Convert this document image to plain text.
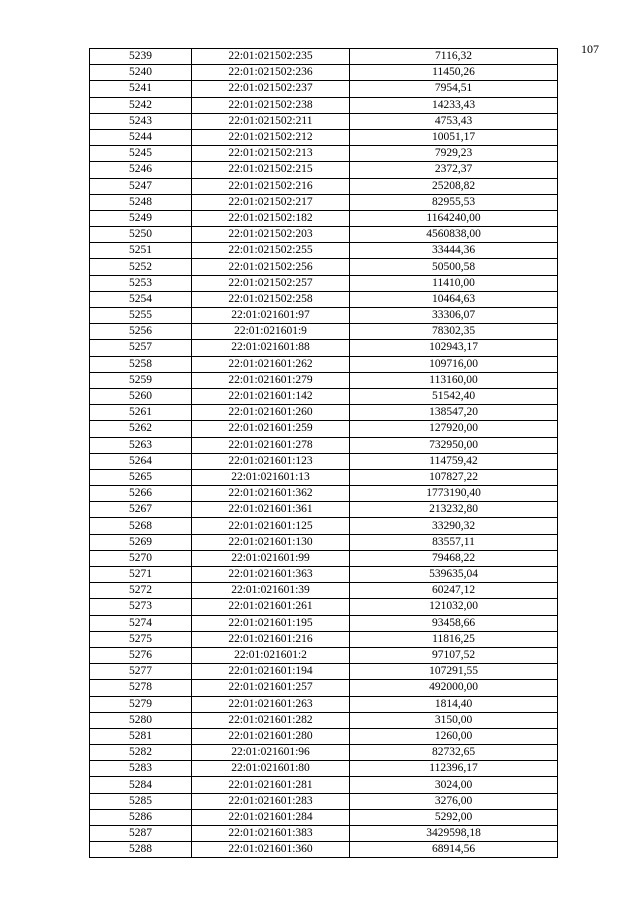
107
5239	22:01:021502:235	7116,32
5240	22:01:021502:236	11450,26
5241	22:01:021502:237	7954,51
5242	22:01:021502:238	14233,43
5243	22:01:021502:211	4753,43
5244	22:01:021502:212	10051,17
5245	22:01:021502:213	7929,23
5246	22:01:021502:215	2372,37
5247	22:01:021502:216	25208,82
5248	22:01:021502:217	82955,53
5249	22:01:021502:182	1164240,00
5250	22:01:021502:203	4560838,00
5251	22:01:021502:255	33444,36
5252	22:01:021502:256	50500,58
5253	22:01:021502:257	11410,00
5254	22:01:021502:258	10464,63
5255	22:01:021601:97	33306,07
5256	22:01:021601:9	78302,35
5257	22:01:021601:88	102943,17
5258	22:01:021601:262	109716,00
5259	22:01:021601:279	113160,00
5260	22:01:021601:142	51542,40
5261	22:01:021601:260	138547,20
5262	22:01:021601:259	127920,00
5263	22:01:021601:278	732950,00
5264	22:01:021601:123	114759,42
5265	22:01:021601:13	107827,22
5266	22:01:021601:362	1773190,40
5267	22:01:021601:361	213232,80
5268	22:01:021601:125	33290,32
5269	22:01:021601:130	83557,11
5270	22:01:021601:99	79468,22
5271	22:01:021601:363	539635,04
5272	22:01:021601:39	60247,12
5273	22:01:021601:261	121032,00
5274	22:01:021601:195	93458,66
5275	22:01:021601:216	11816,25
5276	22:01:021601:2	97107,52
5277	22:01:021601:194	107291,55
5278	22:01:021601:257	492000,00
5279	22:01:021601:263	1814,40
5280	22:01:021601:282	3150,00
5281	22:01:021601:280	1260,00
5282	22:01:021601:96	82732,65
5283	22:01:021601:80	112396,17
5284	22:01:021601:281	3024,00
5285	22:01:021601:283	3276,00
5286	22:01:021601:284	5292,00
5287	22:01:021601:383	3429598,18
5288	22:01:021601:360	68914,56
